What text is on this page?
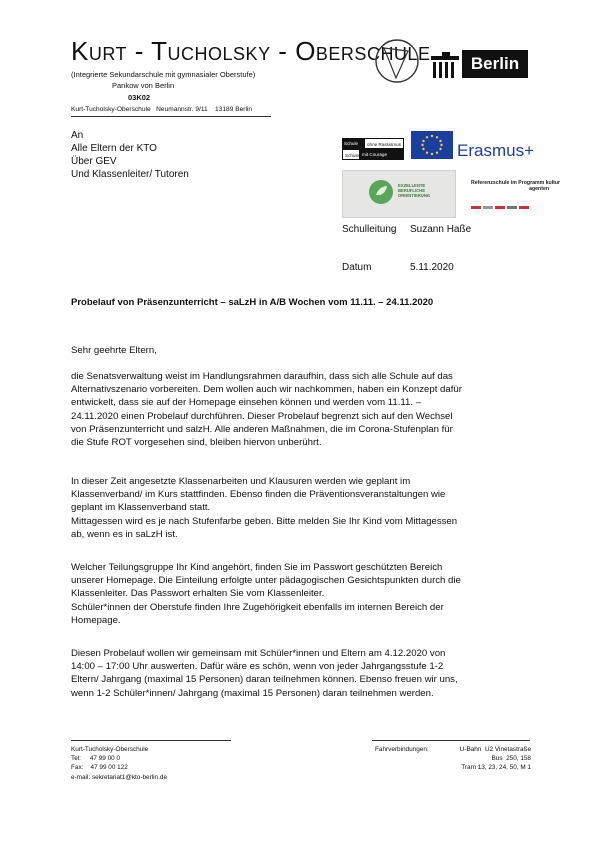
KURT - TUCHOLSKY - OBERSCHULE
(Integrierte Sekundarschule mit gymnasialer Oberstufe)
Pankow von Berlin
03K02
Kurt-Tucholsky-Oberschule   Neumannstr. 9/11    13189 Berlin
Berlin
An
Alle Eltern der KTO
Über GEV
Und Klassenleiter/ Tutoren
Schule	ohne Rassismus
Schule mit Courage	Erasmus+
EXZELLENTE
BERUFLICHE
ORIENTIERUNG
Referenzschule im Programm kultur
agenten
Schulleitung Suzann Haße
Datum	5.11.2020
Probelauf von Präsenzunterricht – saLzH in A/B Wochen vom 11.11. – 24.11.2020
Sehr geehrte Eltern,

die Senatsverwaltung weist im Handlungsrahmen daraufhin, dass sich alle Schule auf das

Alternativszenario vorbereiten. Dem wollen auch wir nachkommen, haben ein Konzept dafür

entwickelt, dass sie auf der Homepage einsehen können und werden vom 11.11. –

24.11.2020 einen Probelauf durchführen. Dieser Probelauf begrenzt sich auf den Wechsel

von Präsenzunterricht und salzH. Alle anderen Maßnahmen, die im Corona-Stufenplan für

die Stufe ROT vorgesehen sind, bleiben hiervon unberührt.

In dieser Zeit angesetzte Klassenarbeiten und Klausuren werden wie geplant im

Klassenverband/ im Kurs stattfinden. Ebenso finden die Präventionsveranstaltungen wie

geplant im Klassenverband statt.

Mittagessen wird es je nach Stufenfarbe geben. Bitte melden Sie Ihr Kind vom Mittagessen

ab, wenn es in saLzH ist.

Welcher Teilungsgruppe Ihr Kind angehört, finden Sie im Passwort geschützten Bereich

unserer Homepage. Die Einteilung erfolgte unter pädagogischen Gesichtspunkten durch die

Klassenleiter. Das Passwort erhalten Sie vom Klassenleiter.

Schüler*innen der Oberstufe finden Ihre Zugehörigkeit ebenfalls im internen Bereich der

Homepage.

Diesen Probelauf wollen wir gemeinsam mit Schüler*innen und Eltern am 4.12.2020 von

14:00 – 17:00 Uhr auswerten. Dafür wäre es schön, wenn von jeder Jahrgangsstufe 1-2

Eltern/ Jahrgang (maximal 15 Personen) daran teilnehmen können. Ebenso freuen wir uns,

wenn 1-2 Schüler*innen/ Jahrgang (maximal 15 Personen) daran teilnehmen werden.

Kurt-Tucholsky-Oberschule
Tel:     47 99 00 0
Fax:    47 99 00 122
e-mail: sekretariat1@kto-berlin.de
Fahrverbindungen:	U-Bahn  U2 Vinetastraße
Bus  250, 158
Tram 13, 23, 24, 50, M 1
